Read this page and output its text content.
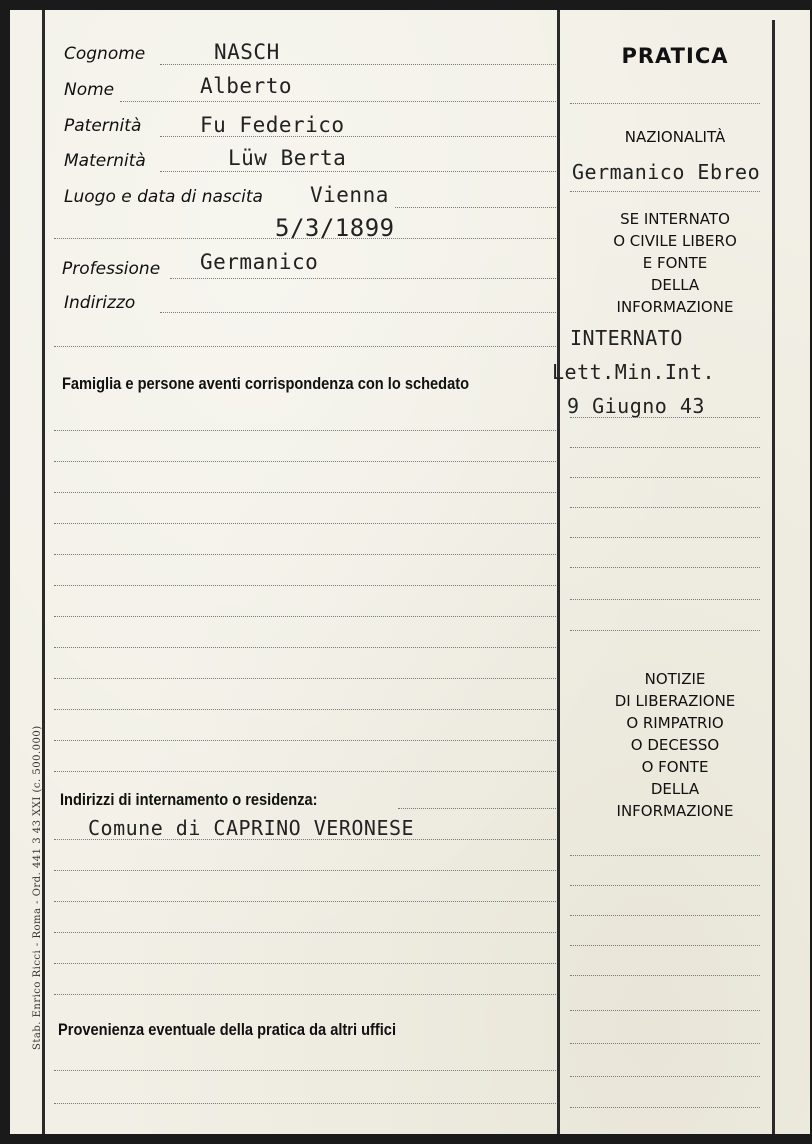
Cognome
Nome
Paternità
Maternità
Luogo e data di nascita
Professione
Indirizzo
NASCH
Alberto
Fu Federico
Lüw Berta
Vienna
5/3/1899
Germanico
Famiglia e persone aventi corrispondenza con lo schedato
Indirizzi di internamento o residenza:
Comune di CAPRINO VERONESE
Provenienza eventuale della pratica da altri uffici
PRATICA
NAZIONALITÀ
Germanico Ebreo
SE INTERNATO
O CIVILE LIBERO
E FONTE
DELLA
INFORMAZIONE
INTERNATO
Lett.Min.Int.
9 Giugno 43
NOTIZIE
DI LIBERAZIONE
O RIMPATRIO
O DECESSO
O FONTE
DELLA
INFORMAZIONE
Stab. Enrico Ricci - Roma - Ord. 441 3 43 XXI (c. 500.000)
